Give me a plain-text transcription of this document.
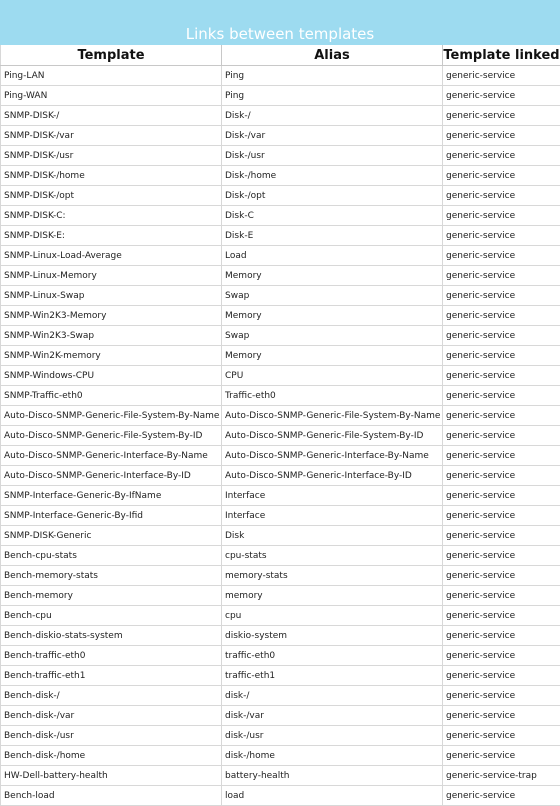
Links between templates
Template	Alias	Template linked
Ping-LAN	Ping	generic-service
Ping-WAN	Ping	generic-service
SNMP-DISK-/	Disk-/	generic-service
SNMP-DISK-/var	Disk-/var	generic-service
SNMP-DISK-/usr	Disk-/usr	generic-service
SNMP-DISK-/home	Disk-/home	generic-service
SNMP-DISK-/opt	Disk-/opt	generic-service
SNMP-DISK-C:	Disk-C	generic-service
SNMP-DISK-E:	Disk-E	generic-service
SNMP-Linux-Load-Average	Load	generic-service
SNMP-Linux-Memory	Memory	generic-service
SNMP-Linux-Swap	Swap	generic-service
SNMP-Win2K3-Memory	Memory	generic-service
SNMP-Win2K3-Swap	Swap	generic-service
SNMP-Win2K-memory	Memory	generic-service
SNMP-Windows-CPU	CPU	generic-service
SNMP-Traffic-eth0	Traffic-eth0	generic-service
Auto-Disco-SNMP-Generic-File-System-By-Name	Auto-Disco-SNMP-Generic-File-System-By-Name	generic-service
Auto-Disco-SNMP-Generic-File-System-By-ID	Auto-Disco-SNMP-Generic-File-System-By-ID	generic-service
Auto-Disco-SNMP-Generic-Interface-By-Name	Auto-Disco-SNMP-Generic-Interface-By-Name	generic-service
Auto-Disco-SNMP-Generic-Interface-By-ID	Auto-Disco-SNMP-Generic-Interface-By-ID	generic-service
SNMP-Interface-Generic-By-IfName	Interface	generic-service
SNMP-Interface-Generic-By-Ifid	Interface	generic-service
SNMP-DISK-Generic	Disk	generic-service
Bench-cpu-stats	cpu-stats	generic-service
Bench-memory-stats	memory-stats	generic-service
Bench-memory	memory	generic-service
Bench-cpu	cpu	generic-service
Bench-diskio-stats-system	diskio-system	generic-service
Bench-traffic-eth0	traffic-eth0	generic-service
Bench-traffic-eth1	traffic-eth1	generic-service
Bench-disk-/	disk-/	generic-service
Bench-disk-/var	disk-/var	generic-service
Bench-disk-/usr	disk-/usr	generic-service
Bench-disk-/home	disk-/home	generic-service
HW-Dell-battery-health	battery-health	generic-service-trap
Bench-load	load	generic-service
